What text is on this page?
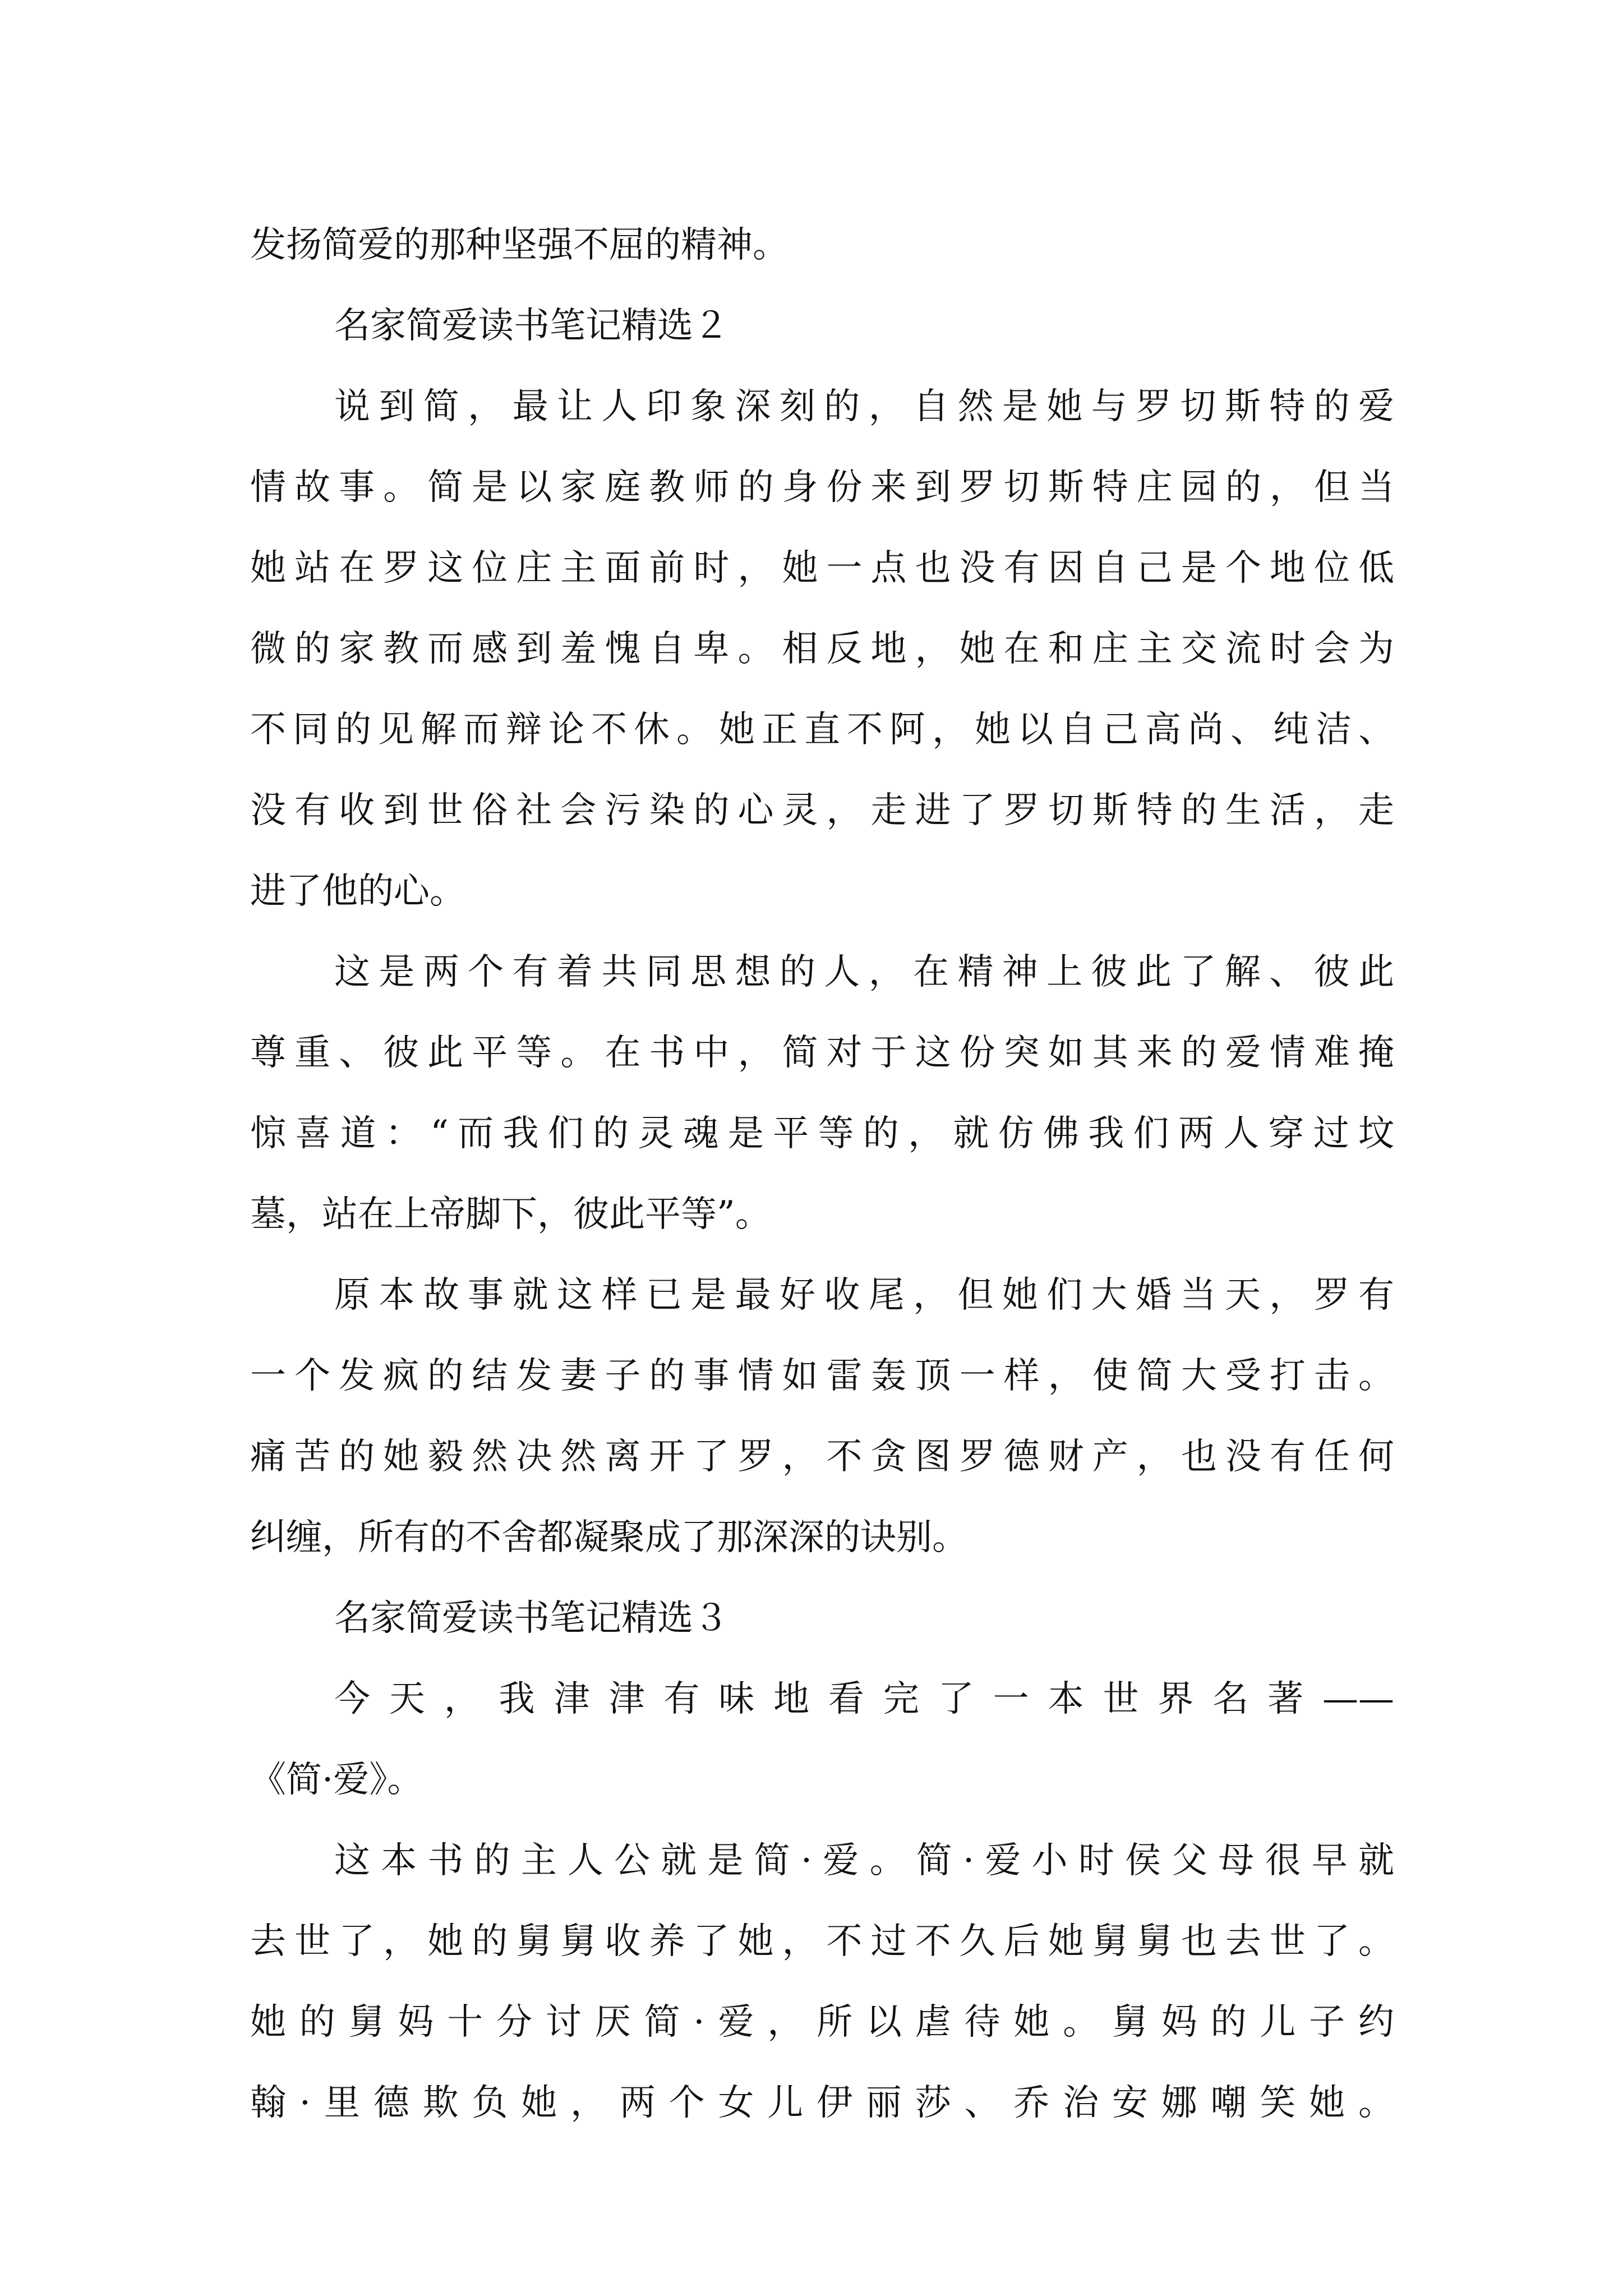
发扬简爱的那种坚强不屈的精神。
名家简爱读书笔记精选２
说到简，最让人印象深刻的，自然是她与罗切斯特的爱
情故事。简是以家庭教师的身份来到罗切斯特庄园的，但当
她站在罗这位庄主面前时，她一点也没有因自己是个地位低
微的家教而感到羞愧自卑。相反地，她在和庄主交流时会为
不同的见解而辩论不休。她正直不阿，她以自己高尚、纯洁、
没有收到世俗社会污染的心灵，走进了罗切斯特的生活，走
进了他的心。
这是两个有着共同思想的人，在精神上彼此了解、彼此
尊重、彼此平等。在书中，简对于这份突如其来的爱情难掩
惊喜道：“而我们的灵魂是平等的，就仿佛我们两人穿过坟
墓，站在上帝脚下，彼此平等”。
原本故事就这样已是最好收尾，但她们大婚当天，罗有
一个发疯的结发妻子的事情如雷轰顶一样，使简大受打击。
痛苦的她毅然决然离开了罗，不贪图罗德财产，也没有任何
纠缠，所有的不舍都凝聚成了那深深的诀别。
名家简爱读书笔记精选３
今天，我津津有味地看完了一本世界名著——
《简·爱》。
这本书的主人公就是简·爱。简·爱小时侯父母很早就
去世了，她的舅舅收养了她，不过不久后她舅舅也去世了。
她的舅妈十分讨厌简·爱，所以虐待她。舅妈的儿子约
翰·里德欺负她，两个女儿伊丽莎、乔治安娜嘲笑她。
